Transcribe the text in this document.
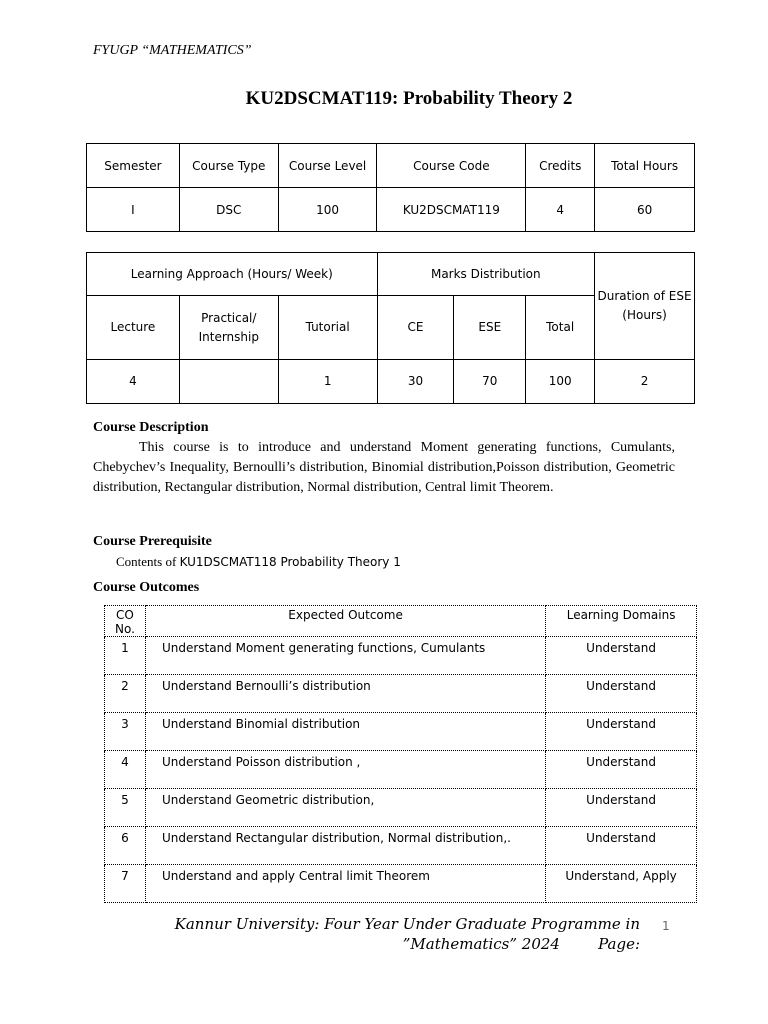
FYUGP “MATHEMATICS”
KU2DSCMAT119: Probability Theory 2
Semester	Course Type	Course Level	Course Code	Credits	Total Hours
I	DSC	100	KU2DSCMAT119	4	60
Learning Approach (Hours/ Week)			Marks Distribution			Duration of ESE (Hours)
Lecture	Practical/ Internship	Tutorial	CE	ESE	Total	
4		1	30	70	100	2
Course Description
This course is to introduce and understand Moment generating functions, Cumulants, Chebychev’s Inequality, Bernoulli’s distribution, Binomial distribution,Poisson distribution, Geometric distribution, Rectangular distribution, Normal distribution, Central limit Theorem.
Course Prerequisite
Contents of KU1DSCMAT118 Probability Theory 1
Course Outcomes
CO No.	Expected Outcome	Learning Domains
1	Understand Moment generating functions, Cumulants	Understand
2	Understand Bernoulli’s distribution	Understand
3	Understand Binomial distribution	Understand
4	Understand Poisson distribution ,	Understand
5	Understand Geometric distribution,	Understand
6	Understand Rectangular distribution, Normal distribution,.	Understand
7	Understand and apply Central limit Theorem	Understand, Apply
Kannur University: Four Year Under Graduate Programme in
”Mathematics” 2024        Page:
1
